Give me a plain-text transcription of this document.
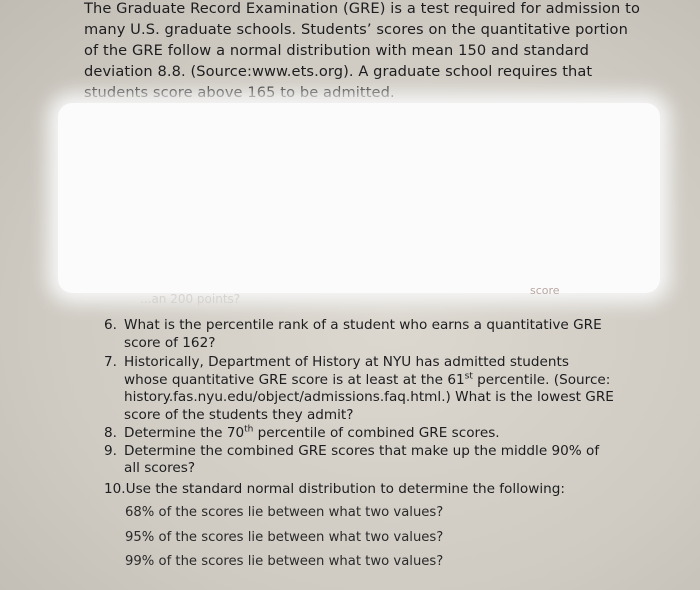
The Graduate Record Examination (GRE) is a test required for admission to many U.S. graduate schools. Students’ scores on the quantitative portion of the GRE follow a normal distribution with mean 150 and standard deviation 8.8. (Source:www.ets.org). A graduate school requires that students score above 165 to be admitted.

...an 200 points?
score
6. What is the percentile rank of a student who earns a quantitative GRE score of 162?
7. Historically, Department of History at NYU has admitted students whose quantitative GRE score is at least at the 61st percentile. (Source: history.fas.nyu.edu/object/admissions.faq.html.) What is the lowest GRE score of the students they admit?
8. Determine the 70th percentile of combined GRE scores.
9. Determine the combined GRE scores that make up the middle 90% of all scores?
10.Use the standard normal distribution to determine the following:
68% of the scores lie between what two values?
95% of the scores lie between what two values?
99% of the scores lie between what two values?
